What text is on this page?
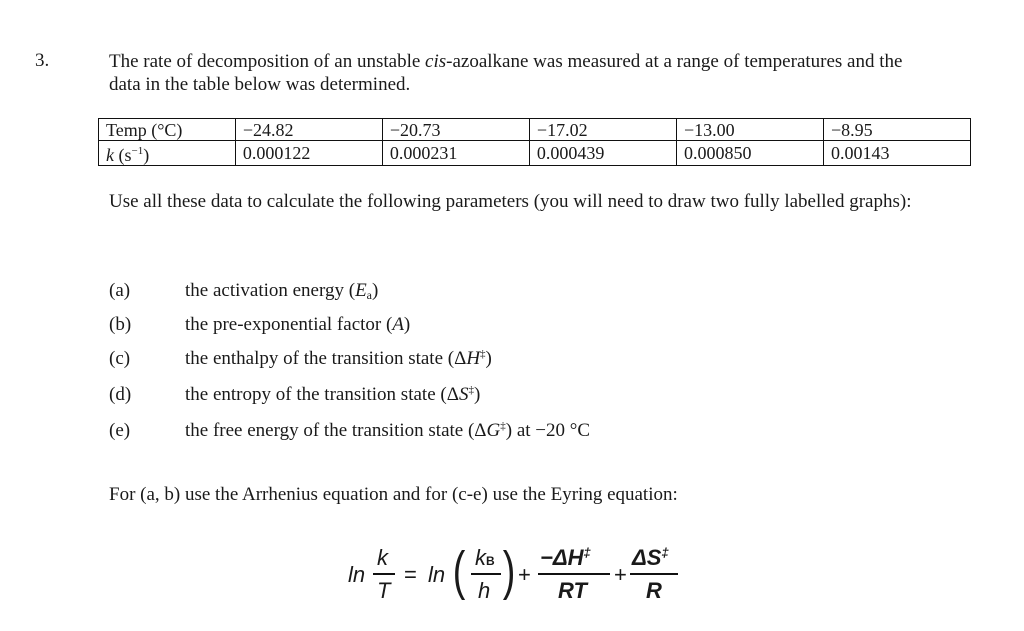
3.	The rate of decomposition of an unstable cis-azoalkane was measured at a range of temperatures and the data in the table below was determined.
Temp (°C)	−24.82	−20.73	−17.02	−13.00	−8.95
k $(s^{-1})$	0.000122	0.000231	0.000439	0.000850	0.00143
Use all these data to calculate the following parameters (you will need to draw two fully labelled graphs):
(a)	the activation energy $(E_a)$
(b)	the pre-exponential factor (A)
(c)	the enthalpy of the transition state (ΔH‡)
(d)	the entropy of the transition state (ΔS‡)
(e)	the free energy of the transition state (ΔG‡) at −20 °C
For (a, b) use the Arrhenius equation and for (c-e) use the Eyring equation:
ln
k
T
= ln ( kB
h ) +
−ΔH‡
RT
+
ΔS‡
R
